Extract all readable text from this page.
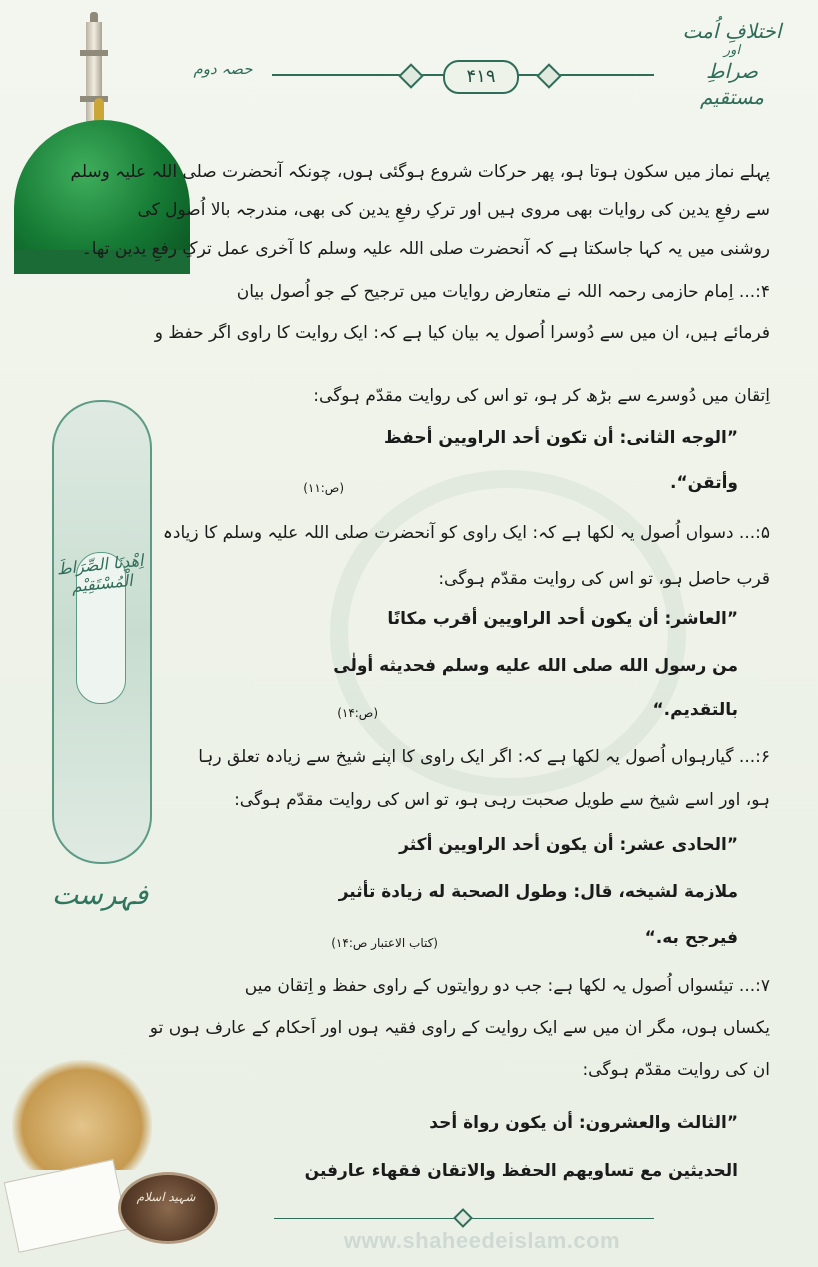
اِهْدِنَا الصِّرَاطَ الْمُسْتَقِيْم
فہرست
شہید اسلام
اختلافِ اُمت
اور
صراطِ مستقیم
حصہ دوم	۴۱۹
پہلے نماز میں سکون ہوتا ہو، پھر حرکات شروع ہوگئی ہوں، چونکہ آنحضرت صلی اللہ علیہ وسلم
سے رفعِ یدین کی روایات بھی مروی ہیں اور ترکِ رفعِ یدین کی بھی، مندرجہ بالا اُصول کی
روشنی میں یہ کہا جاسکتا ہے کہ آنحضرت صلی اللہ علیہ وسلم کا آخری عمل ترکِ رفعِ یدین تھا۔
۴:... اِمام حازمی رحمہ اللہ نے متعارض روایات میں ترجیح کے جو اُصول بیان
فرمائے ہیں، ان میں سے دُوسرا اُصول یہ بیان کیا ہے کہ: ایک روایت کا راوی اگر حفظ و
اِتقان میں دُوسرے سے بڑھ کر ہو، تو اس کی روایت مقدّم ہوگی:
”الوجه الثانی: أن تکون أحد الراویین أحفظ
وأتقن“.
(ص:۱۱)
۵:... دسواں اُصول یہ لکھا ہے کہ: ایک راوی کو آنحضرت صلی اللہ علیہ وسلم کا زیادہ
قرب حاصل ہو، تو اس کی روایت مقدّم ہوگی:
”العاشر: أن یکون أحد الراویین أقرب مکانًا
من رسول الله صلی الله علیه وسلم فحدیثه أولٰی
بالتقدیم.“
(ص:۱۴)
۶:... گیارہواں اُصول یہ لکھا ہے کہ: اگر ایک راوی کا اپنے شیخ سے زیادہ تعلق رہا
ہو، اور اسے شیخ سے طویل صحبت رہی ہو، تو اس کی روایت مقدّم ہوگی:
”الحادی عشر: أن یکون أحد الراویین أکثر
ملازمة لشیخه، قال: وطول الصحبة له زیادة تأثیر
فیرجح به.“
(کتاب الاعتبار ص:۱۴)
۷:... تیئسواں اُصول یہ لکھا ہے: جب دو روایتوں کے راوی حفظ و اِتقان میں
یکساں ہوں، مگر ان میں سے ایک روایت کے راوی فقیہ ہوں اور اَحکام کے عارف ہوں تو
ان کی روایت مقدّم ہوگی:
”الثالث والعشرون: أن یکون رواة أحد
الحدیثین مع تساویهم الحفظ والاتقان فقهاء عارفین
www.shaheedeislam.com
